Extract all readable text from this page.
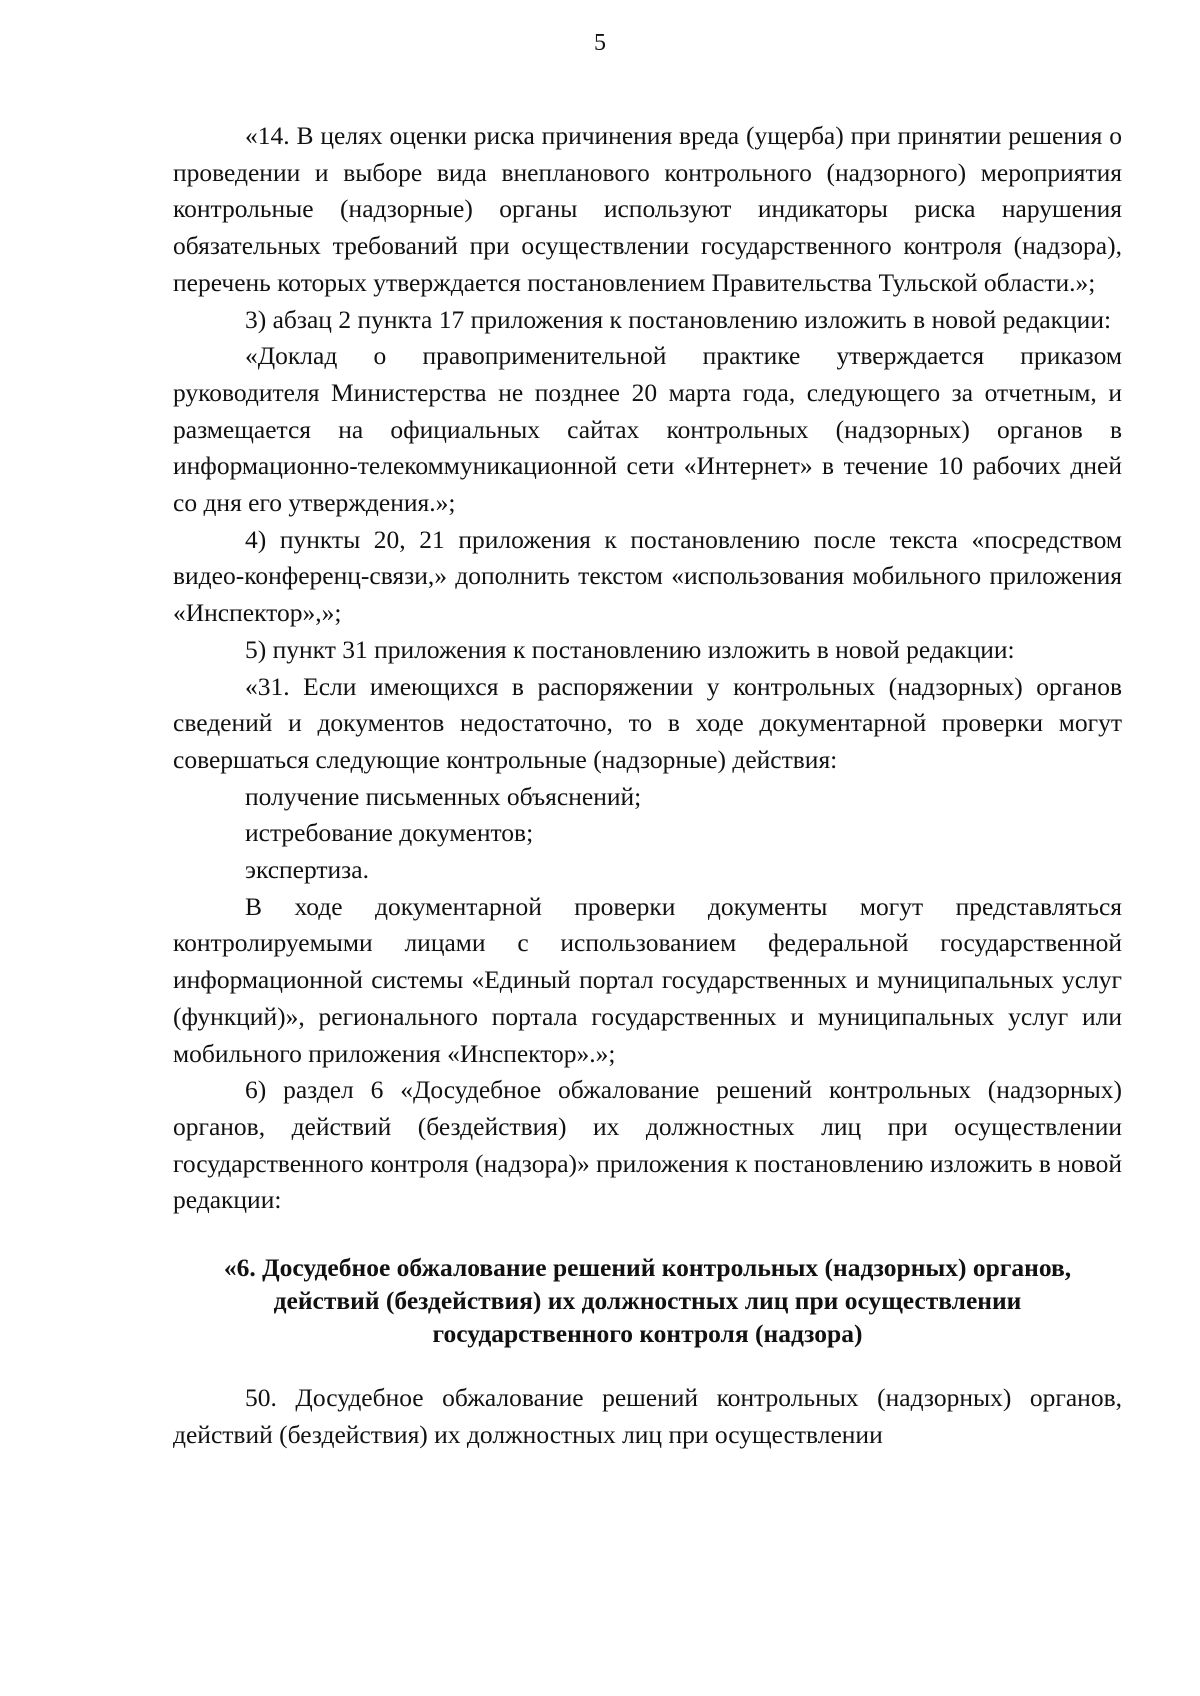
5

«14. В целях оценки риска причинения вреда (ущерба) при принятии решения о проведении и выборе вида внепланового контрольного (надзорного) мероприятия контрольные (надзорные) органы используют индикаторы риска нарушения обязательных требований при осуществлении государственного контроля (надзора), перечень которых утверждается постановлением Правительства Тульской области.»;

3) абзац 2 пункта 17 приложения к постановлению изложить в новой редакции:

«Доклад о правоприменительной практике утверждается приказом руководителя Министерства не позднее 20 марта года, следующего за отчетным, и размещается на официальных сайтах контрольных (надзорных) органов в информационно-телекоммуникационной сети «Интернет» в течение 10 рабочих дней со дня его утверждения.»;

4) пункты 20, 21 приложения к постановлению после текста «посредством видео-конференц-связи,» дополнить текстом «использования мобильного приложения «Инспектор»,»;

5) пункт 31 приложения к постановлению изложить в новой редакции:

«31. Если имеющихся в распоряжении у контрольных (надзорных) органов сведений и документов недостаточно, то в ходе документарной проверки могут совершаться следующие контрольные (надзорные) действия:

получение письменных объяснений;

истребование документов;

экспертиза.

В ходе документарной проверки документы могут представляться контролируемыми лицами с использованием федеральной государственной информационной системы «Единый портал государственных и муниципальных услуг (функций)», регионального портала государственных и муниципальных услуг или мобильного приложения «Инспектор».»;

6) раздел 6 «Досудебное обжалование решений контрольных (надзорных) органов, действий (бездействия) их должностных лиц при осуществлении государственного контроля (надзора)» приложения к постановлению изложить в новой редакции:

«6. Досудебное обжалование решений контрольных (надзорных) органов, действий (бездействия) их должностных лиц при осуществлении государственного контроля (надзора)

50. Досудебное обжалование решений контрольных (надзорных) органов, действий (бездействия) их должностных лиц при осуществлении
